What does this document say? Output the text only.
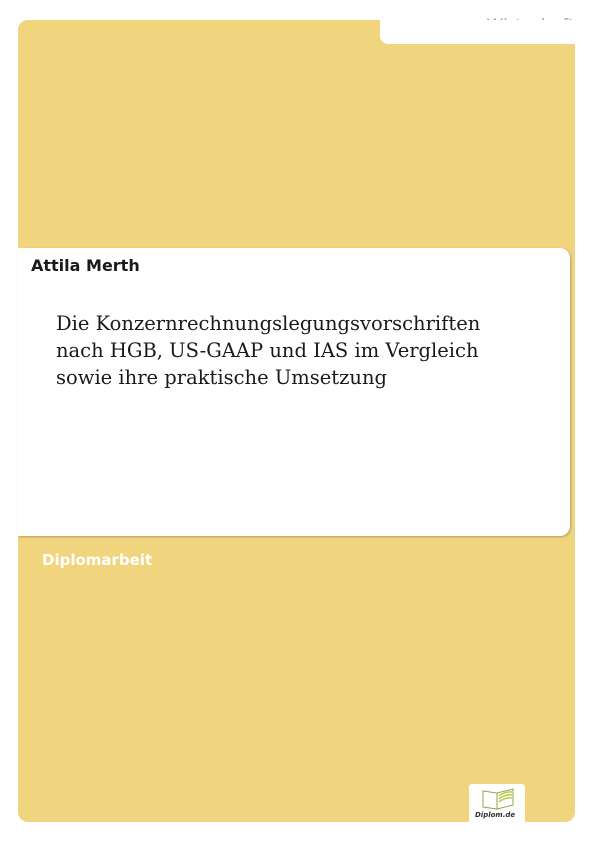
Attila Merth
Die Konzernrechnungslegungsvorschriften
nach HGB, US-GAAP und IAS im Vergleich
sowie ihre praktische Umsetzung
Diplomarbeit
Diplom.de
